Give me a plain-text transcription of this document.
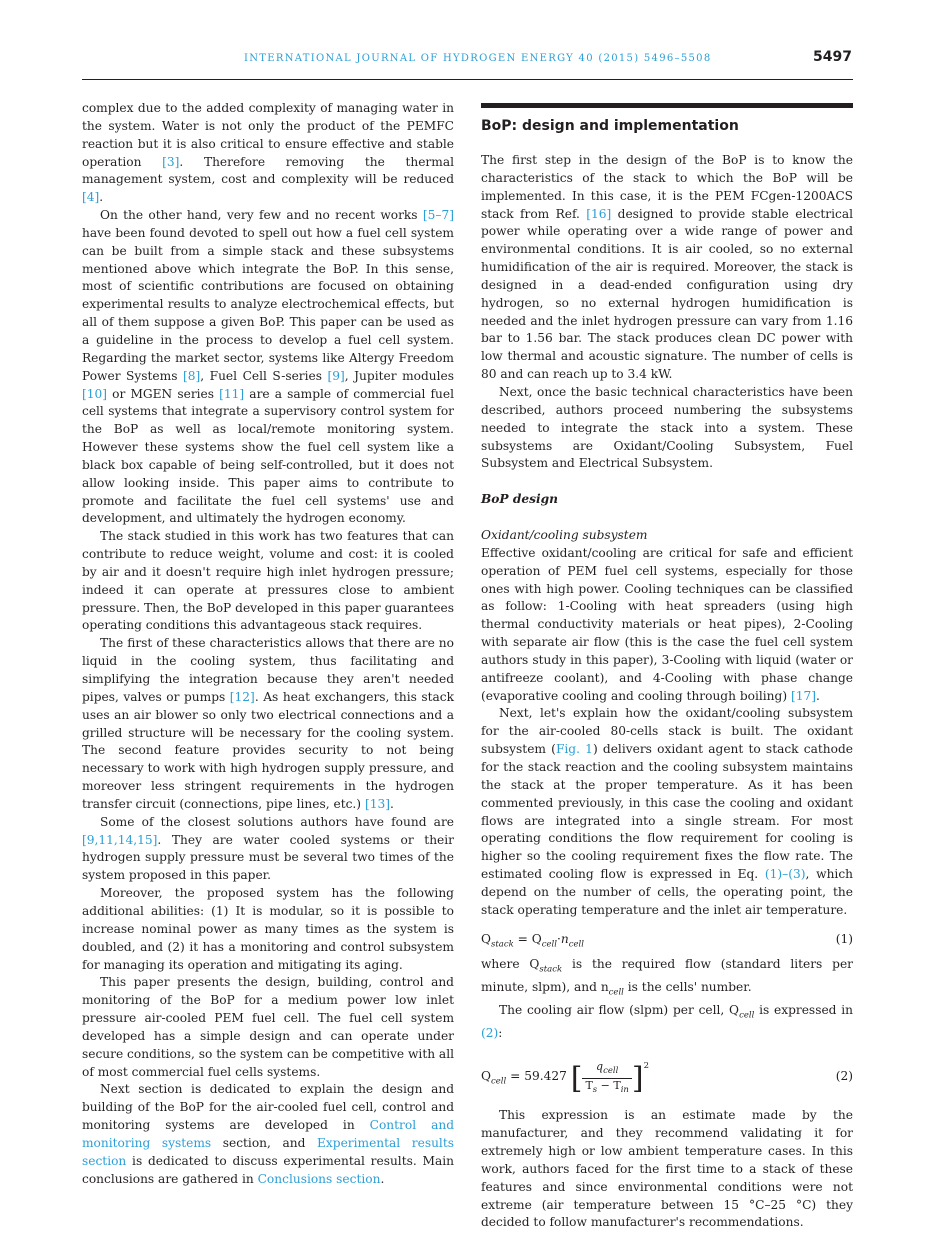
INTERNATIONAL JOURNAL OF HYDROGEN ENERGY 40 (2015) 5496–5508	5497

complex due to the added complexity of managing water in the system. Water is not only the product of the PEMFC reaction but it is also critical to ensure effective and stable operation [3]. Therefore removing the thermal management system, cost and complexity will be reduced [4].

On the other hand, very few and no recent works [5–7] have been found devoted to spell out how a fuel cell system can be built from a simple stack and these subsystems mentioned above which integrate the BoP. In this sense, most of scientific contributions are focused on obtaining experimental results to analyze electrochemical effects, but all of them suppose a given BoP. This paper can be used as a guideline in the process to develop a fuel cell system. Regarding the market sector, systems like Altergy Freedom Power Systems [8], Fuel Cell S-series [9], Jupiter modules [10] or MGEN series [11] are a sample of commercial fuel cell systems that integrate a supervisory control system for the BoP as well as local/remote monitoring system. However these systems show the fuel cell system like a black box capable of being self-controlled, but it does not allow looking inside. This paper aims to contribute to promote and facilitate the fuel cell systems' use and development, and ultimately the hydrogen economy.

The stack studied in this work has two features that can contribute to reduce weight, volume and cost: it is cooled by air and it doesn't require high inlet hydrogen pressure; indeed it can operate at pressures close to ambient pressure. Then, the BoP developed in this paper guarantees operating conditions this advantageous stack requires.

The first of these characteristics allows that there are no liquid in the cooling system, thus facilitating and simplifying the integration because they aren't needed pipes, valves or pumps [12]. As heat exchangers, this stack uses an air blower so only two electrical connections and a grilled structure will be necessary for the cooling system. The second feature provides security to not being necessary to work with high hydrogen supply pressure, and moreover less stringent requirements in the hydrogen transfer circuit (connections, pipe lines, etc.) [13].

Some of the closest solutions authors have found are [9,11,14,15]. They are water cooled systems or their hydrogen supply pressure must be several two times of the system proposed in this paper.

Moreover, the proposed system has the following additional abilities: (1) It is modular, so it is possible to increase nominal power as many times as the system is doubled, and (2) it has a monitoring and control subsystem for managing its operation and mitigating its aging.

This paper presents the design, building, control and monitoring of the BoP for a medium power low inlet pressure air-cooled PEM fuel cell. The fuel cell system developed has a simple design and can operate under secure conditions, so the system can be competitive with all of most commercial fuel cells systems.

Next section is dedicated to explain the design and building of the BoP for the air-cooled fuel cell, control and monitoring systems are developed in Control and monitoring systems section, and Experimental results section is dedicated to discuss experimental results. Main conclusions are gathered in Conclusions section.

BoP: design and implementation

The first step in the design of the BoP is to know the characteristics of the stack to which the BoP will be implemented. In this case, it is the PEM FCgen-1200ACS stack from Ref. [16] designed to provide stable electrical power while operating over a wide range of power and environmental conditions. It is air cooled, so no external humidification of the air is required. Moreover, the stack is designed in a dead-ended configuration using dry hydrogen, so no external hydrogen humidification is needed and the inlet hydrogen pressure can vary from 1.16 bar to 1.56 bar. The stack produces clean DC power with low thermal and acoustic signature. The number of cells is 80 and can reach up to 3.4 kW.

Next, once the basic technical characteristics have been described, authors proceed numbering the subsystems needed to integrate the stack into a system. These subsystems are Oxidant/Cooling Subsystem, Fuel Subsystem and Electrical Subsystem.

BoP design
Oxidant/cooling subsystem

Effective oxidant/cooling are critical for safe and efficient operation of PEM fuel cell systems, especially for those ones with high power. Cooling techniques can be classified as follow: 1-Cooling with heat spreaders (using high thermal conductivity materials or heat pipes), 2-Cooling with separate air flow (this is the case the fuel cell system authors study in this paper), 3-Cooling with liquid (water or antifreeze coolant), and 4-Cooling with phase change (evaporative cooling and cooling through boiling) [17].

Next, let's explain how the oxidant/cooling subsystem for the air-cooled 80-cells stack is built. The oxidant subsystem (Fig. 1) delivers oxidant agent to stack cathode for the stack reaction and the cooling subsystem maintains the stack at the proper temperature. As it has been commented previously, in this case the cooling and oxidant flows are integrated into a single stream. For most operating conditions the flow requirement for cooling is higher so the cooling requirement fixes the flow rate. The estimated cooling flow is expressed in Eq. (1)–(3), which depend on the number of cells, the operating point, the stack operating temperature and the inlet air temperature.

$Q_{stack} = Q_{cell}\cdot n_{cell}$	(1)

where $Q_{stack}$ is the required flow (standard liters per minute, slpm), and $n_{cell}$ is the cells' number.

The cooling air flow (slpm) per cell, $Q_{cell}$ is expressed in (2):

$Q_{cell} = 59.427$ [ $\frac{q_{cell}}{T_s - T_{in}} ]^2$
(2)

This expression is an estimate made by the manufacturer, and they recommend validating it for extremely high or low ambient temperature cases. In this work, authors faced for the first time to a stack of these features and since environmental conditions were not extreme (air temperature between 15 °C–25 °C) they decided to follow manufacturer's recommendations.
